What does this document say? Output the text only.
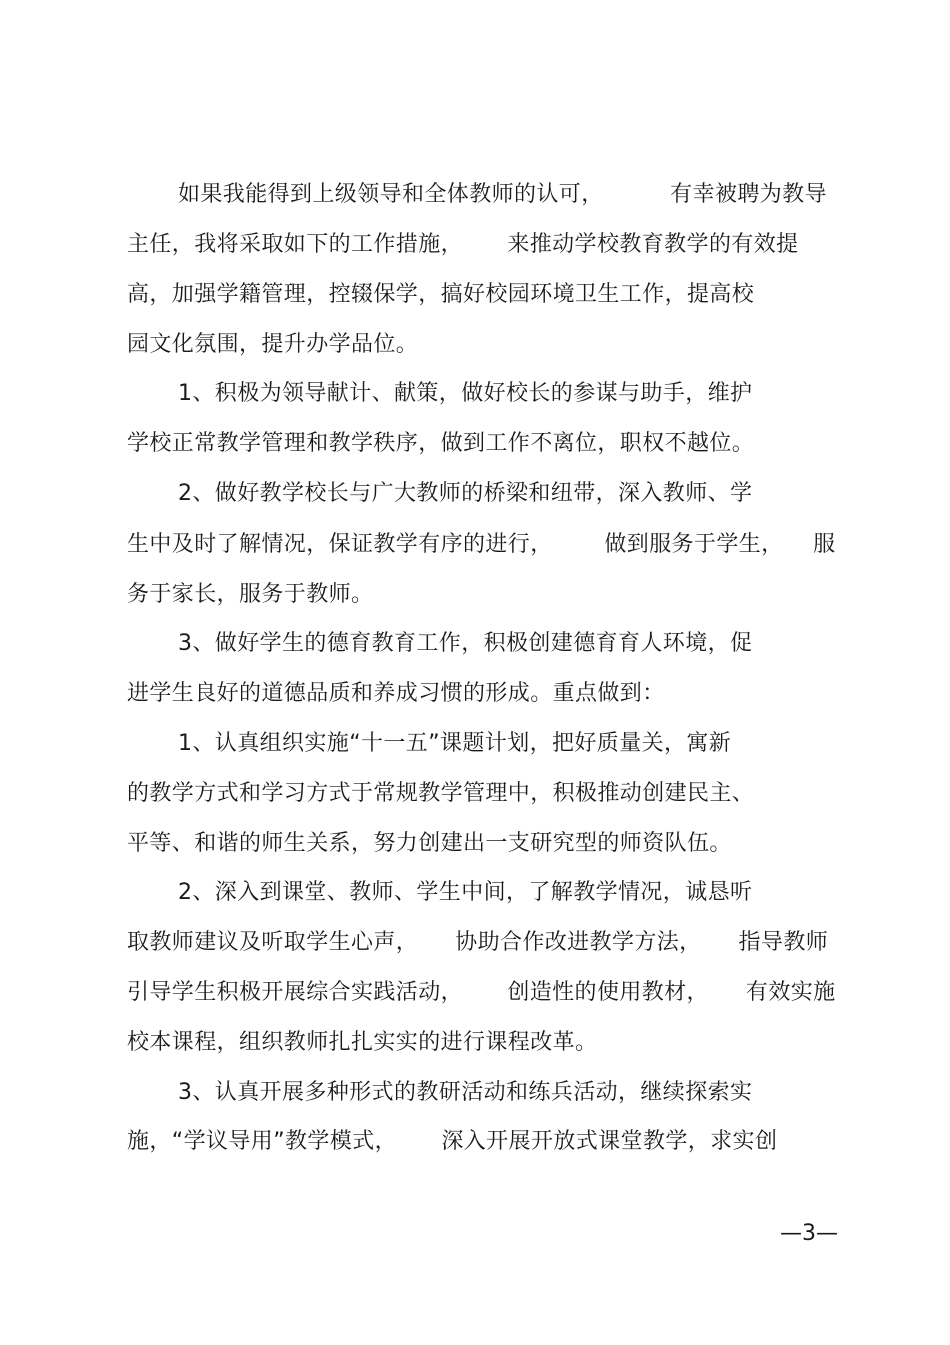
如果我能得到上级领导和全体教师的认可，         有幸被聘为教导
主任，我将采取如下的工作措施，      来推动学校教育教学的有效提
高，加强学籍管理，控辍保学，搞好校园环境卫生工作，提高校
园文化氛围，提升办学品位。
1、积极为领导献计、献策，做好校长的参谋与助手，维护
学校正常教学管理和教学秩序，做到工作不离位，职权不越位。
2、做好教学校长与广大教师的桥梁和纽带，深入教师、学
生中及时了解情况，保证教学有序的进行，       做到服务于学生，    服
务于家长，服务于教师。
3、做好学生的德育教育工作，积极创建德育育人环境，促
进学生良好的道德品质和养成习惯的形成。重点做到：
1、认真组织实施“十一五”课题计划，把好质量关，寓新
的教学方式和学习方式于常规教学管理中，积极推动创建民主、
平等、和谐的师生关系，努力创建出一支研究型的师资队伍。
2、深入到课堂、教师、学生中间，了解教学情况，诚恳听
取教师建议及听取学生心声，     协助合作改进教学方法，     指导教师
引导学生积极开展综合实践活动，      创造性的使用教材，     有效实施
校本课程，组织教师扎扎实实的进行课程改革。
3、认真开展多种形式的教研活动和练兵活动，继续探索实
施，“学议导用”教学模式，      深入开展开放式课堂教学，求实创
—3—
